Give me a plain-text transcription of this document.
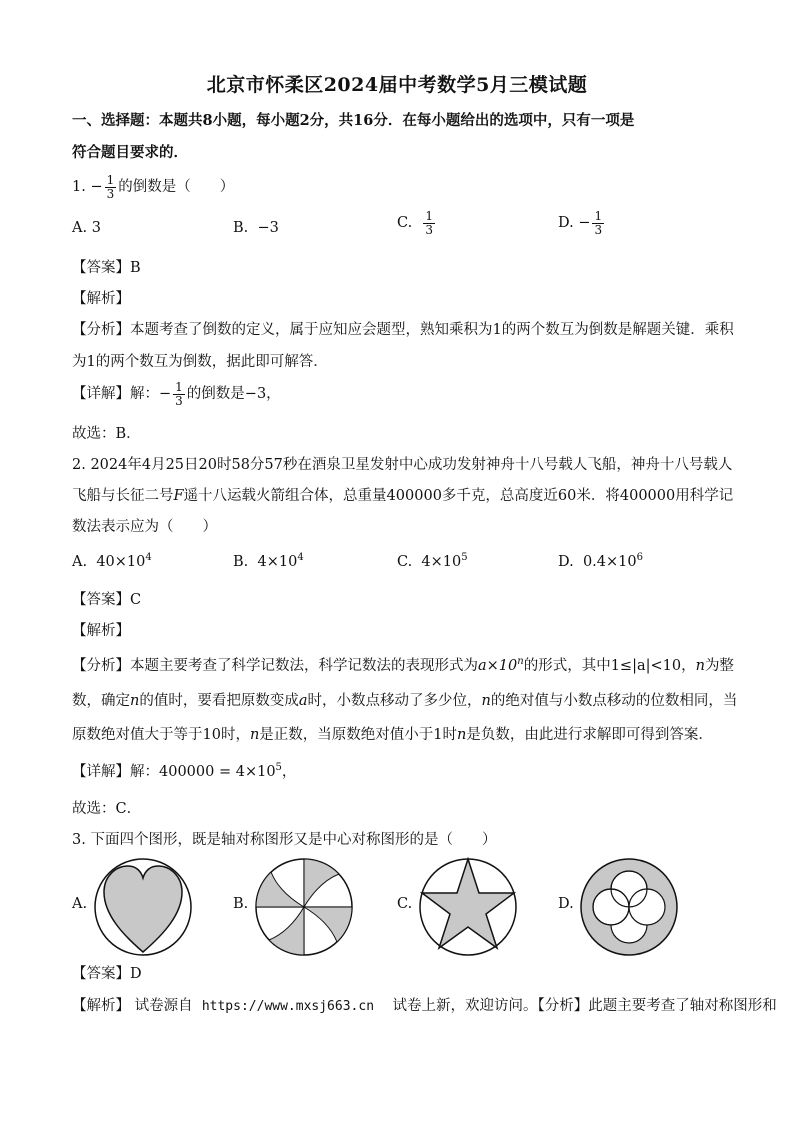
北京市怀柔区2024届中考数学5月三模试题
一、选择题：本题共8小题，每小题2分，共16分．在每小题给出的选项中，只有一项是
符合题目要求的．
1. − $\frac{1}{3}$ 的倒数是（　　）
A. 3	B. −3	C. $\frac{1}{3}$	D. − $\frac{1}{3}$
【答案】B
【解析】
【分析】本题考查了倒数的定义，属于应知应会题型，熟知乘积为1的两个数互为倒数是解题关键．乘积
为1的两个数互为倒数，据此即可解答．
【详解】解：− $\frac{1}{3}$ 的倒数是−3，
故选：B．
2. 2024年4月25日20时58分57秒在酒泉卫星发射中心成功发射神舟十八号载人飞船，神舟十八号载人
飞船与长征二号F遥十八运载火箭组合体，总重量400000多千克，总高度近60米．将400000用科学记
数法表示应为（　　）
A. $40\times 10^4$	B. $4\times 10^4$	C. $4\times 10^5$	D. $0.4\times 10^6$
【答案】C
【解析】
【分析】本题主要考查了科学记数法，科学记数法的表现形式为$a\times 10^n$的形式，其中1≤|a|<10，n为整
数，确定n的值时，要看把原数变成a时，小数点移动了多少位，n的绝对值与小数点移动的位数相同，当
原数绝对值大于等于10时，n是正数，当原数绝对值小于1时n是负数，由此进行求解即可得到答案．
【详解】解：$400000 = 4\times 10^5$，
故选：C．
3. 下面四个图形，既是轴对称图形又是中心对称图形的是（　　）
A.	B.	C.	D.
【答案】D
【解析】 试卷源自 https://www.mxsj663.cn 试卷上新，欢迎访问。【分析】此题主要考查了轴对称图形和
